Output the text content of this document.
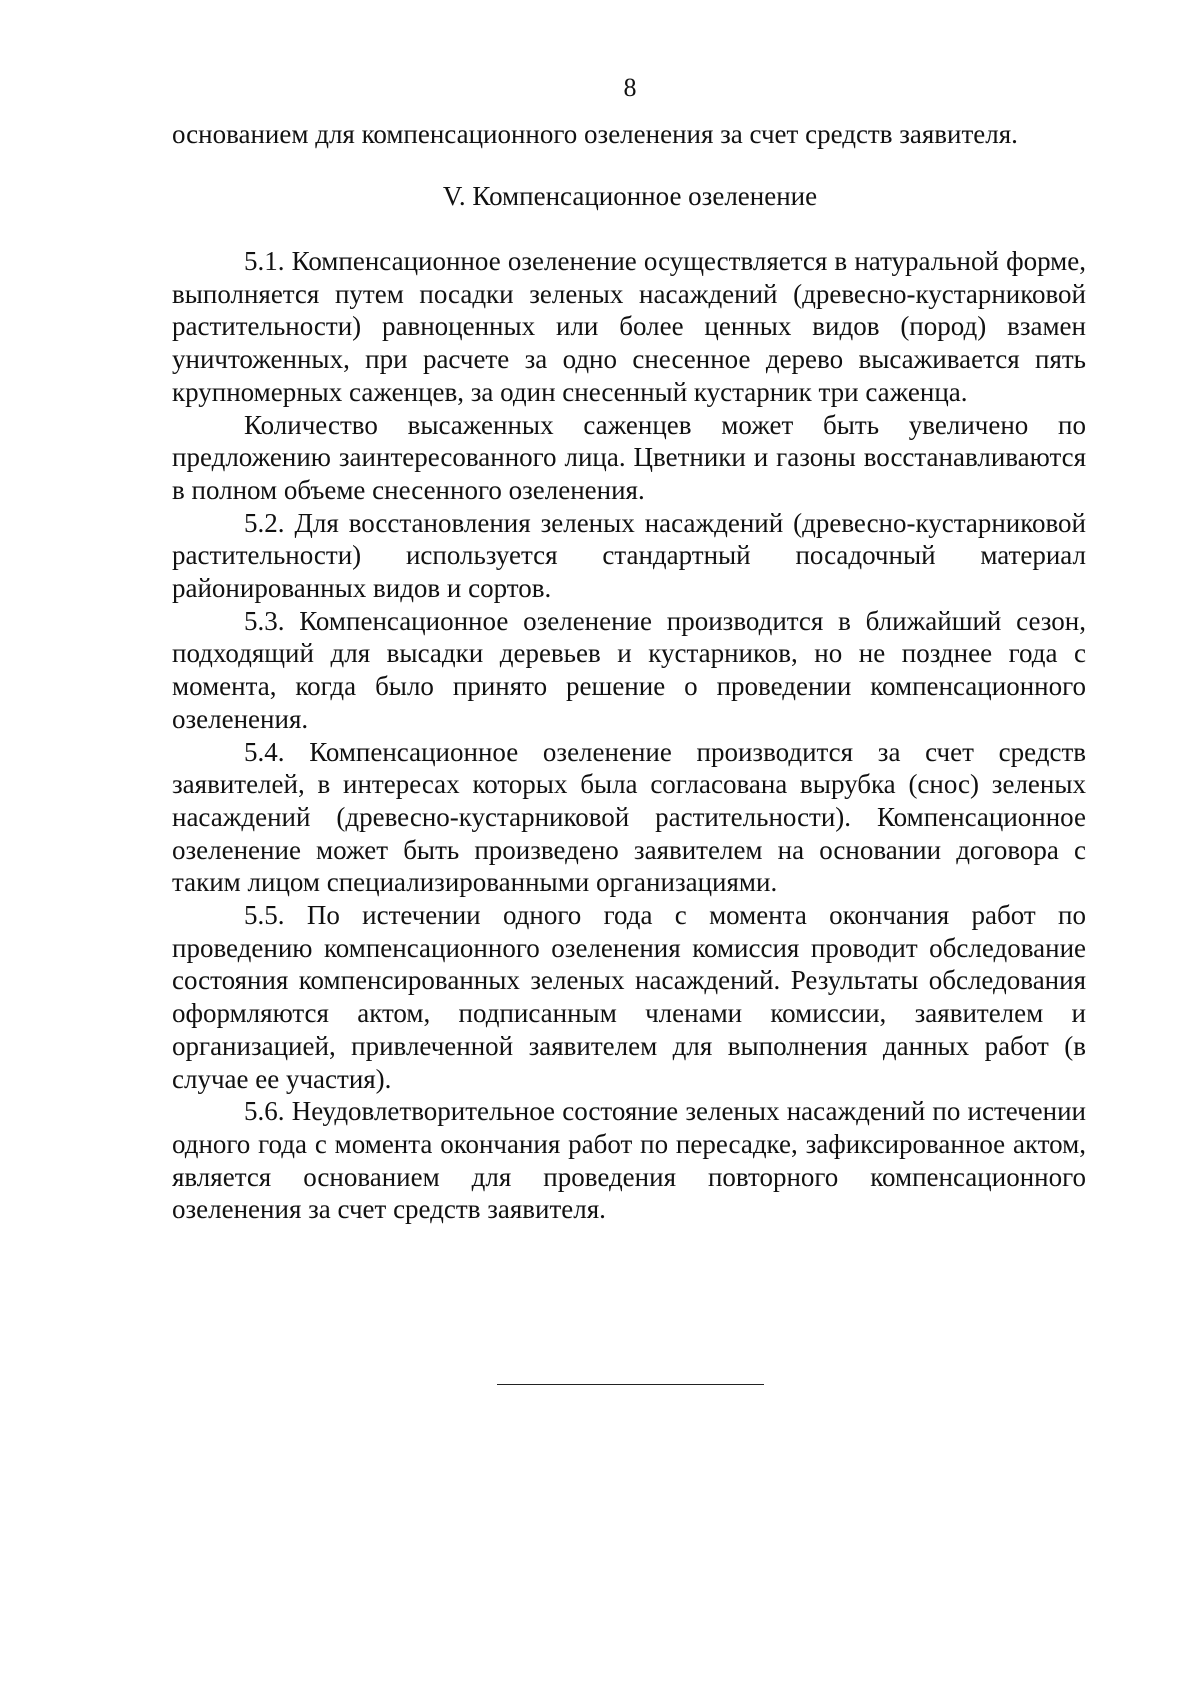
8
основанием для компенсационного озеленения за счет средств заявителя.
V. Компенсационное озеленение

5.1. Компенсационное озеленение осуществляется в натуральной форме, выполняется путем посадки зеленых насаждений (древесно-кустарниковой растительности) равноценных или более ценных видов (пород) взамен уничтоженных, при расчете за одно снесенное дерево высаживается пять крупномерных саженцев, за один снесенный кустарник три саженца.

Количество высаженных саженцев может быть увеличено по предложению заинтересованного лица. Цветники и газоны восстанавливаются в полном объеме снесенного озеленения.

5.2. Для восстановления зеленых насаждений (древесно-кустарниковой растительности) используется стандартный посадочный материал районированных видов и сортов.

5.3. Компенсационное озеленение производится в ближайший сезон, подходящий для высадки деревьев и кустарников, но не позднее года с момента, когда было принято решение о проведении компенсационного озеленения.

5.4. Компенсационное озеленение производится за счет средств заявителей, в интересах которых была согласована вырубка (снос) зеленых насаждений (древесно-кустарниковой растительности). Компенсационное озеленение может быть произведено заявителем на основании договора с таким лицом специализированными организациями.

5.5. По истечении одного года с момента окончания работ по проведению компенсационного озеленения комиссия проводит обследование состояния компенсированных зеленых насаждений. Результаты обследования оформляются актом, подписанным членами комиссии, заявителем и организацией, привлеченной заявителем для выполнения данных работ (в случае ее участия).

5.6. Неудовлетворительное состояние зеленых насаждений по истечении одного года с момента окончания работ по пересадке, зафиксированное актом, является основанием для проведения повторного компенсационного озеленения за счет средств заявителя.
